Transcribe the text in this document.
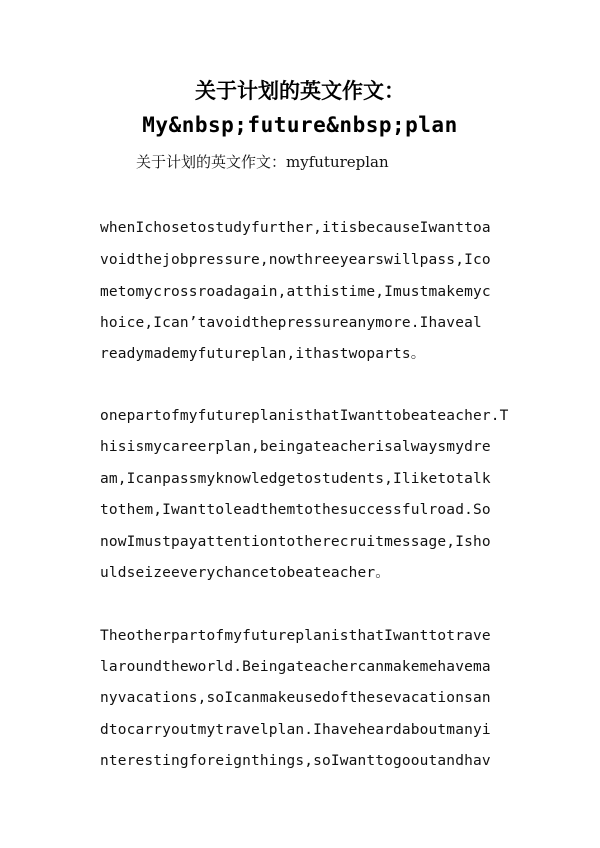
关于计划的英文作文：
My&nbsp;future&nbsp;plan
关于计划的英文作文：myfutureplan
whenIchosetostudyfurther,itisbecauseIwanttoa
voidthejobpressure,nowthreeyearswillpass,Ico
metomycrossroadagain,atthistime,Imustmakemyc
hoice,Ican’tavoidthepressureanymore.Ihaveal
readymademyfutureplan,ithastwoparts。
onepartofmyfutureplanisthatIwanttobeateacher.T
hisismycareerplan,beingateacherisalwaysmydre
am,Icanpassmyknowledgetostudents,Iliketotalk
tothem,Iwanttoleadthemtothesuccessfulroad.So
nowImustpayattentiontotherecruitmessage,Isho
uldseizeeverychancetobeateacher。
TheotherpartofmyfutureplanisthatIwanttotrave
laroundtheworld.Beingateachercanmakemehavema
nyvacations,soIcanmakeusedofthesevacationsan
dtocarryoutmytravelplan.Ihaveheardaboutmanyi
nterestingforeignthings,soIwanttogooutandhav
